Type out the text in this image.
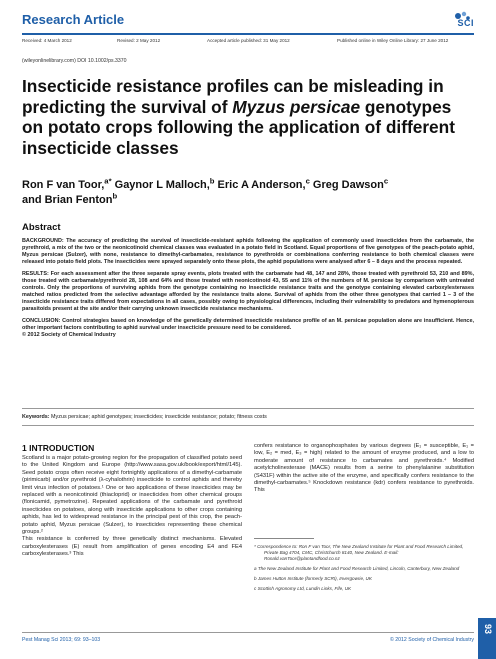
Research Article	SCI
Received: 4 March 2012	Revised: 2 May 2012	Accepted article published: 31 May 2012	Published online in Wiley Online Library: 27 June 2012
(wileyonlinelibrary.com) DOI 10.1002/ps.3370
Insecticide resistance profiles can be misleading in predicting the survival of Myzus persicae genotypes on potato crops following the application of different insecticide classes
Ron F van Toor,$^{a*}$ Gaynor L Malloch,$^b$ Eric A Anderson,$^c$ Greg Dawson$^c$
and Brian Fenton$^b$
Abstract

BACKGROUND: The accuracy of predicting the survival of insecticide-resistant aphids following the application of commonly used insecticides from the carbamate, the pyrethroid, a mix of the two or the neonicotinoid chemical classes was evaluated in a potato field in Scotland. Equal proportions of five genotypes of the peach-potato aphid, Myzus persicae (Sulzer), with none, resistance to dimethyl-carbamates, resistance to pyrethroids or combinations conferring resistance to both chemical classes were released into potato field plots. The insecticides were sprayed separately onto these plots, the aphid populations were analysed after 6 – 8 days and the process repeated.

RESULTS: For each assessment after the three separate spray events, plots treated with the carbamate had 48, 147 and 28%, those treated with pyrethroid 53, 210 and 89%, those treated with carbamate/pyrethroid 28, 108 and 64% and those treated with neonicotinoid 43, 55 and 11% of the numbers of M. persicae by comparison with untreated controls. Only the proportions of surviving aphids from the genotype containing no insecticide resistance traits and the genotype containing elevated carboxylesterases matched ratios predicted from the selective advantage afforded by the resistance traits alone. Survival of aphids from the other three genotypes that carried 1 – 3 of the insecticide resistance traits differed from expectations in all cases, possibly owing to physiological differences, including their vulnerability to predators and hymenopterous parasitoids present at the site and/or their carrying unknown insecticide resistance mechanisms.

CONCLUSION: Control strategies based on knowledge of the genetically determined insecticide resistance profile of an M. persicae population alone are insufficient. Hence, other important factors contributing to aphid survival under insecticide pressure need to be considered.

© 2012 Society of Chemical Industry

Keywords: Myzus persicae; aphid genotypes; insecticides; insecticide resistance; potato; fitness costs
1 INTRODUCTION

Scotland is a major potato-growing region for the propagation of classified potato seed to the United Kingdom and Europe (http://www.sasa.gov.uk/book/export/html/145). Seed potato crops often receive eight fortnightly applications of a dimethyl-carbamate (pirimicarb) and/or pyrethroid (λ-cyhalothrin) insecticide to control aphids and thereby limit virus infection of potatoes.¹ One or two applications of these insecticides may be replaced with a neonicotinoid (thiacloprid) or insecticides from other chemical groups (flonicamid, pymetrozine). Repeated applications of the carbamate and pyrethroid insecticides on potatoes, along with insecticide applications to other crops containing aphids, has led to widespread resistance in the principal pest of this crop, the peach-potato aphid, Myzus persicae (Sulzer), to insecticides representing these chemical groups.²

This resistance is conferred by three genetically distinct mechanisms. Elevated carboxylesterases (E) result from amplification of genes encoding E4 and FE4 carboxylesterases.³ This

confers resistance to organophosphates by various degrees (E₁ = susceptible, E₁ = low, E₂ = med, E₃ = high) related to the amount of enzyme produced, and a low to moderate amount of resistance to carbamates and pyrethroids.⁴ Modified acetylcholinesterase (MACE) results from a serine to phenylalanine substitution (S431F) within the active site of the enzyme, and specifically confers resistance to the dimethyl-carbamates.⁵ Knockdown resistance (kdr) confers resistance to pyrethroids. This

* Correspondence to: Ron F van Toor, The New Zealand Institute for Plant and Food Research Limited, Private Bag 4704, CMC, Christchurch 8140, New Zealand. E-mail: Ronald.vanToor@plantandfood.co.nz

a The New Zealand Institute for Plant and Food Research Limited, Lincoln, Canterbury, New Zealand

b James Hutton Institute (formerly SCRI), Invergowrie, UK

c Scottish Agronomy Ltd, Lundin Links, Fife, UK

Pest Manag Sci 2013; 69: 93–103	© 2012 Society of Chemical Industry
93
